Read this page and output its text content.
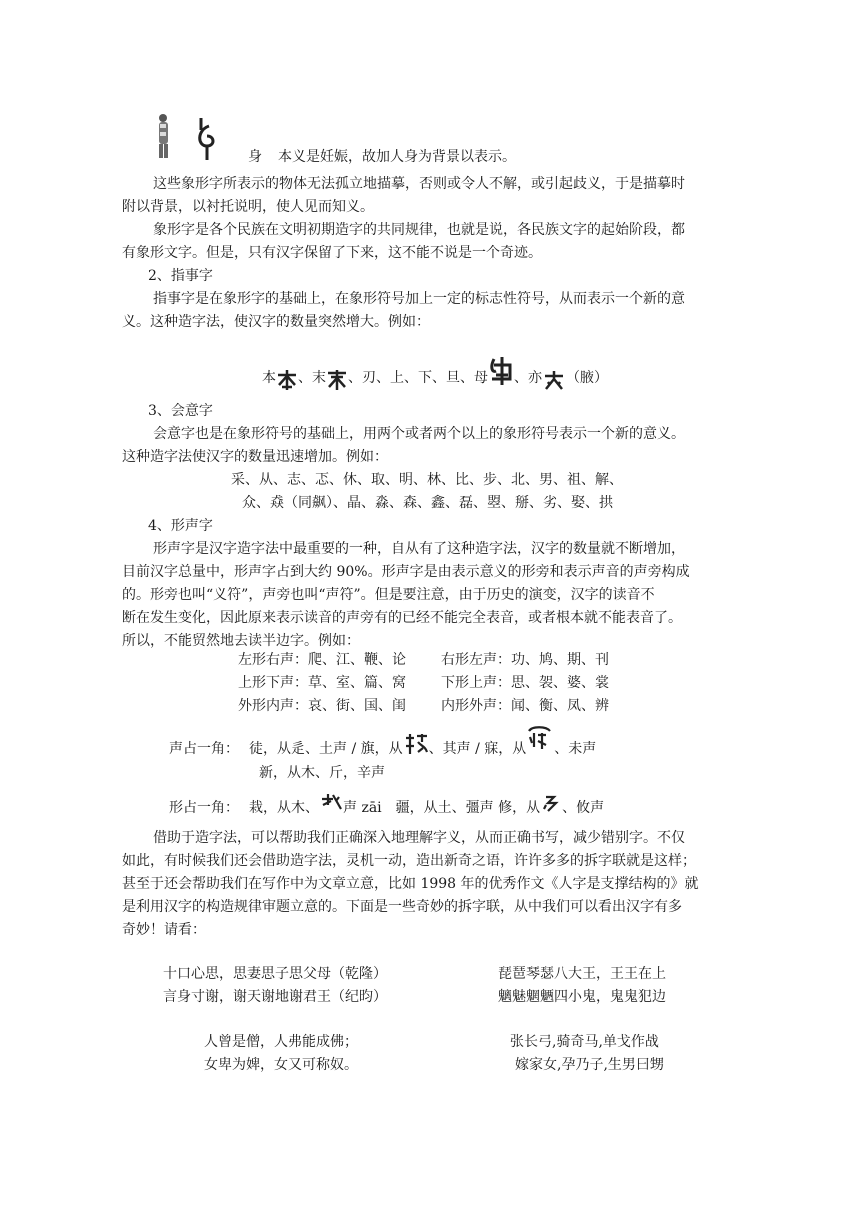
身 本义是妊娠，故加人身为背景以表示。
这些象形字所表示的物体无法孤立地描摹，否则或令人不解，或引起歧义，于是描摹时
附以背景，以衬托说明，使人见而知义。
象形字是各个民族在文明初期造字的共同规律，也就是说，各民族文字的起始阶段，都
有象形文字。但是，只有汉字保留了下来，这不能不说是一个奇迹。
2、指事字
指事字是在象形字的基础上，在象形符号加上一定的标志性符号，从而表示一个新的意
义。这种造字法，使汉字的数量突然增大。例如：
本 、末 、刃、上、下、旦、母 、亦 （腋）
3、会意字
会意字也是在象形符号的基础上，用两个或者两个以上的象形符号表示一个新的意义。
这种造字法使汉字的数量迅速增加。例如：
采、从、志、忑、休、取、明、林、比、步、北、男、祖、解、
众、猋（同飙）、晶、淼、森、鑫、磊、曌、掰、劣、娶、拱
4、形声字
形声字是汉字造字法中最重要的一种，自从有了这种造字法，汉字的数量就不断增加，
目前汉字总量中，形声字占到大约 90%。形声字是由表示意义的形旁和表示声音的声旁构成
的。形旁也叫“义符”，声旁也叫“声符”。但是要注意，由于历史的演变，汉字的读音不
断在发生变化，因此原来表示读音的声旁有的已经不能完全表音，或者根本就不能表音了。
所以，不能贸然地去读半边字。例如：
左形右声：爬、江、鞭、论	右形左声：功、鸠、期、刊
上形下声：草、室、篇、窝	下形上声：思、袈、婆、裳
外形内声：哀、街、国、闺	内形外声：闻、衡、凤、辨
声占一角： 徒，从辵、土声 / 旗，从 、其声 / 寐，从 、未声
新，从木、斤，辛声
形占一角： 栽，从木、 声 zāi　疆，从土、彊声 修，从 、攸声
借助于造字法，可以帮助我们正确深入地理解字义，从而正确书写，减少错别字。不仅
如此，有时候我们还会借助造字法，灵机一动，造出新奇之语，许许多多的拆字联就是这样；
甚至于还会帮助我们在写作中为文章立意，比如 1998 年的优秀作文《人字是支撑结构的》就
是利用汉字的构造规律审题立意的。下面是一些奇妙的拆字联，从中我们可以看出汉字有多
奇妙！请看：
十口心思，思妻思子思父母（乾隆）	琵琶琴瑟八大王，王王在上
言身寸谢，谢天谢地谢君王（纪昀）	魑魅魍魉四小鬼，鬼鬼犯边
人曾是僧，人弗能成佛；	张长弓,骑奇马,单戈作战
女卑为婢，女又可称奴。	嫁家女,孕乃子,生男曰甥
